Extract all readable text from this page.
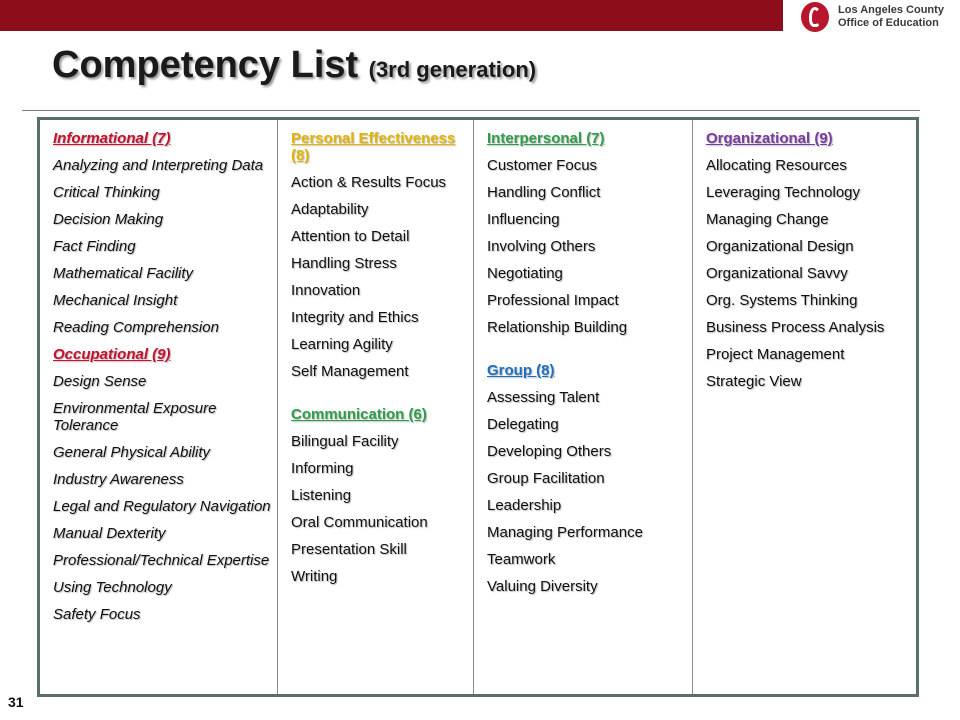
Los Angeles County
Office of Education
Competency List (3rd generation)
Informational (7)
Analyzing and Interpreting Data
Critical Thinking
Decision Making
Fact Finding
Mathematical Facility
Mechanical Insight
Reading Comprehension
Occupational (9)
Design Sense
Environmental Exposure Tolerance
General Physical Ability
Industry Awareness
Legal and Regulatory Navigation
Manual Dexterity
Professional/Technical Expertise
Using Technology
Safety Focus
Personal Effectiveness (8)
Action & Results Focus
Adaptability
Attention to Detail
Handling Stress
Innovation
Integrity and Ethics
Learning Agility
Self Management
Communication (6)
Bilingual Facility
Informing
Listening
Oral Communication
Presentation Skill
Writing
Interpersonal (7)
Customer Focus
Handling Conflict
Influencing
Involving Others
Negotiating
Professional Impact
Relationship Building
Group (8)
Assessing Talent
Delegating
Developing Others
Group Facilitation
Leadership
Managing Performance
Teamwork
Valuing Diversity
Organizational (9)
Allocating Resources
Leveraging Technology
Managing Change
Organizational Design
Organizational Savvy
Org. Systems Thinking
Business Process Analysis
Project Management
Strategic View
31
